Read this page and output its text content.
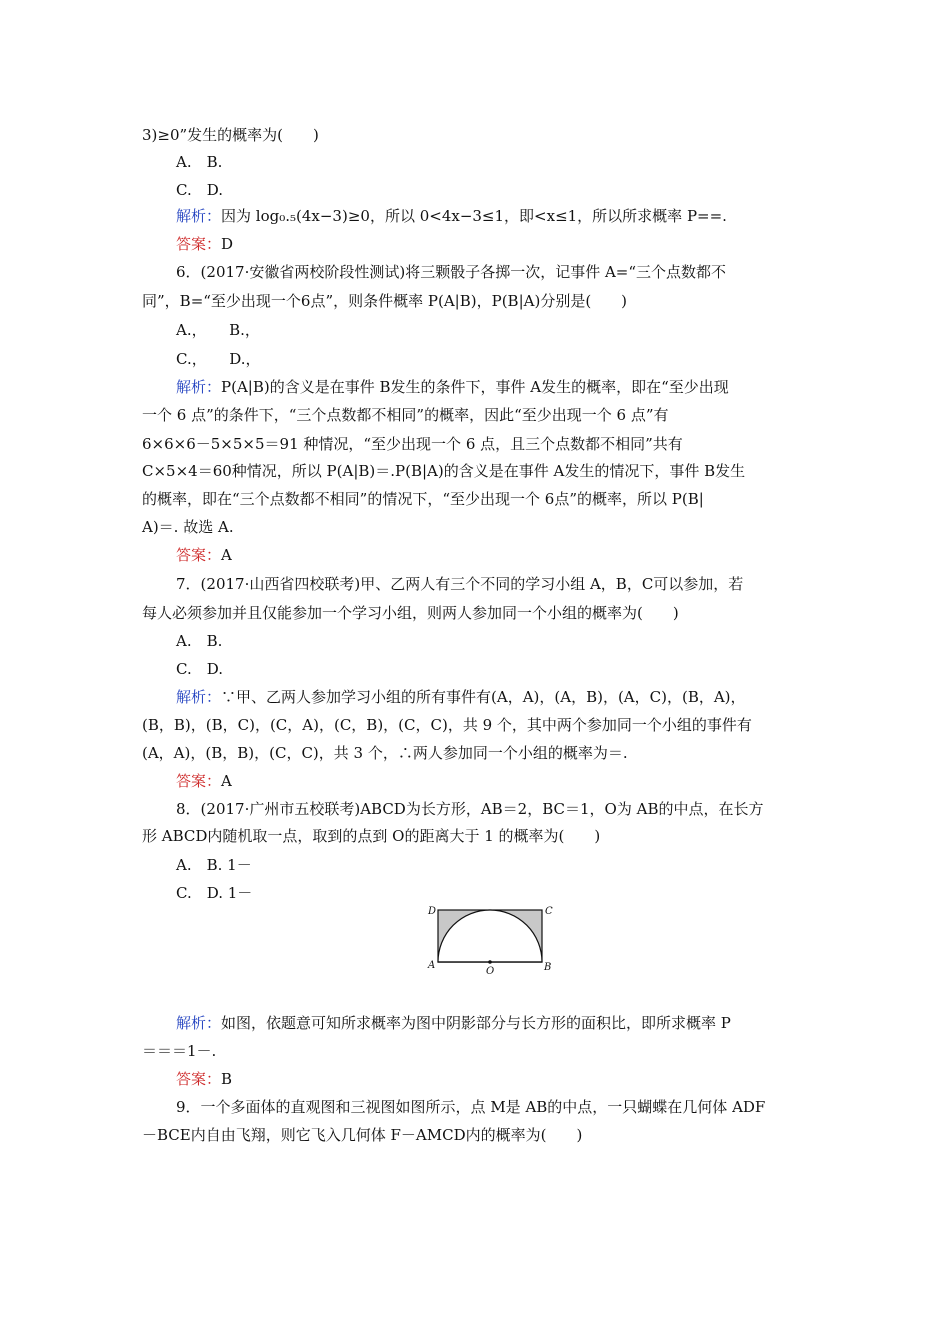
3)≥0”发生的概率为(　　)
A.　B.
C.　D.
解析：因为 log₀.₅(4x−3)≥0，所以 0<4x−3≤1，即<x≤1，所以所求概率 P==.
答案：D
6．(2017·安徽省两校阶段性测试)将三颗骰子各掷一次，记事件 A=“三个点数都不
同”，B=“至少出现一个6点”，则条件概率 P(A|B)，P(B|A)分别是(　　)
A.，　　B.，
C.，　　D.，
解析：P(A|B)的含义是在事件 B发生的条件下，事件 A发生的概率，即在“至少出现
一个 6 点”的条件下，“三个点数都不相同”的概率，因此“至少出现一个 6 点”有
6×6×6－5×5×5＝91 种情况，“至少出现一个 6 点，且三个点数都不相同”共有
C×5×4＝60种情况，所以 P(A|B)＝.P(B|A)的含义是在事件 A发生的情况下，事件 B发生
的概率，即在“三个点数都不相同”的情况下，“至少出现一个 6点”的概率，所以 P(B|
A)＝. 故选 A.
答案：A
7．(2017·山西省四校联考)甲、乙两人有三个不同的学习小组 A，B，C可以参加，若
每人必须参加并且仅能参加一个学习小组，则两人参加同一个小组的概率为(　　)
A.　B.
C.　D.
解析：∵甲、乙两人参加学习小组的所有事件有(A，A)，(A，B)，(A，C)，(B，A)，
(B，B)，(B，C)，(C，A)，(C，B)，(C，C)，共 9 个，其中两个参加同一个小组的事件有
(A，A)，(B，B)，(C，C)，共 3 个，∴两人参加同一个小组的概率为＝.
答案：A
8．(2017·广州市五校联考)ABCD为长方形，AB＝2，BC＝1，O为 AB的中点，在长方
形 ABCD内随机取一点，取到的点到 O的距离大于 1 的概率为(　　)
A.　B. 1－
C.　D. 1－
解析：如图，依题意可知所求概率为图中阴影部分与长方形的面积比，即所求概率 P
＝＝＝1－.
答案：B
9．一个多面体的直观图和三视图如图所示，点 M是 AB的中点，一只蝴蝶在几何体 ADF
－BCE内自由飞翔，则它飞入几何体 F－AMCD内的概率为(　　)
D	C
A
O	B
